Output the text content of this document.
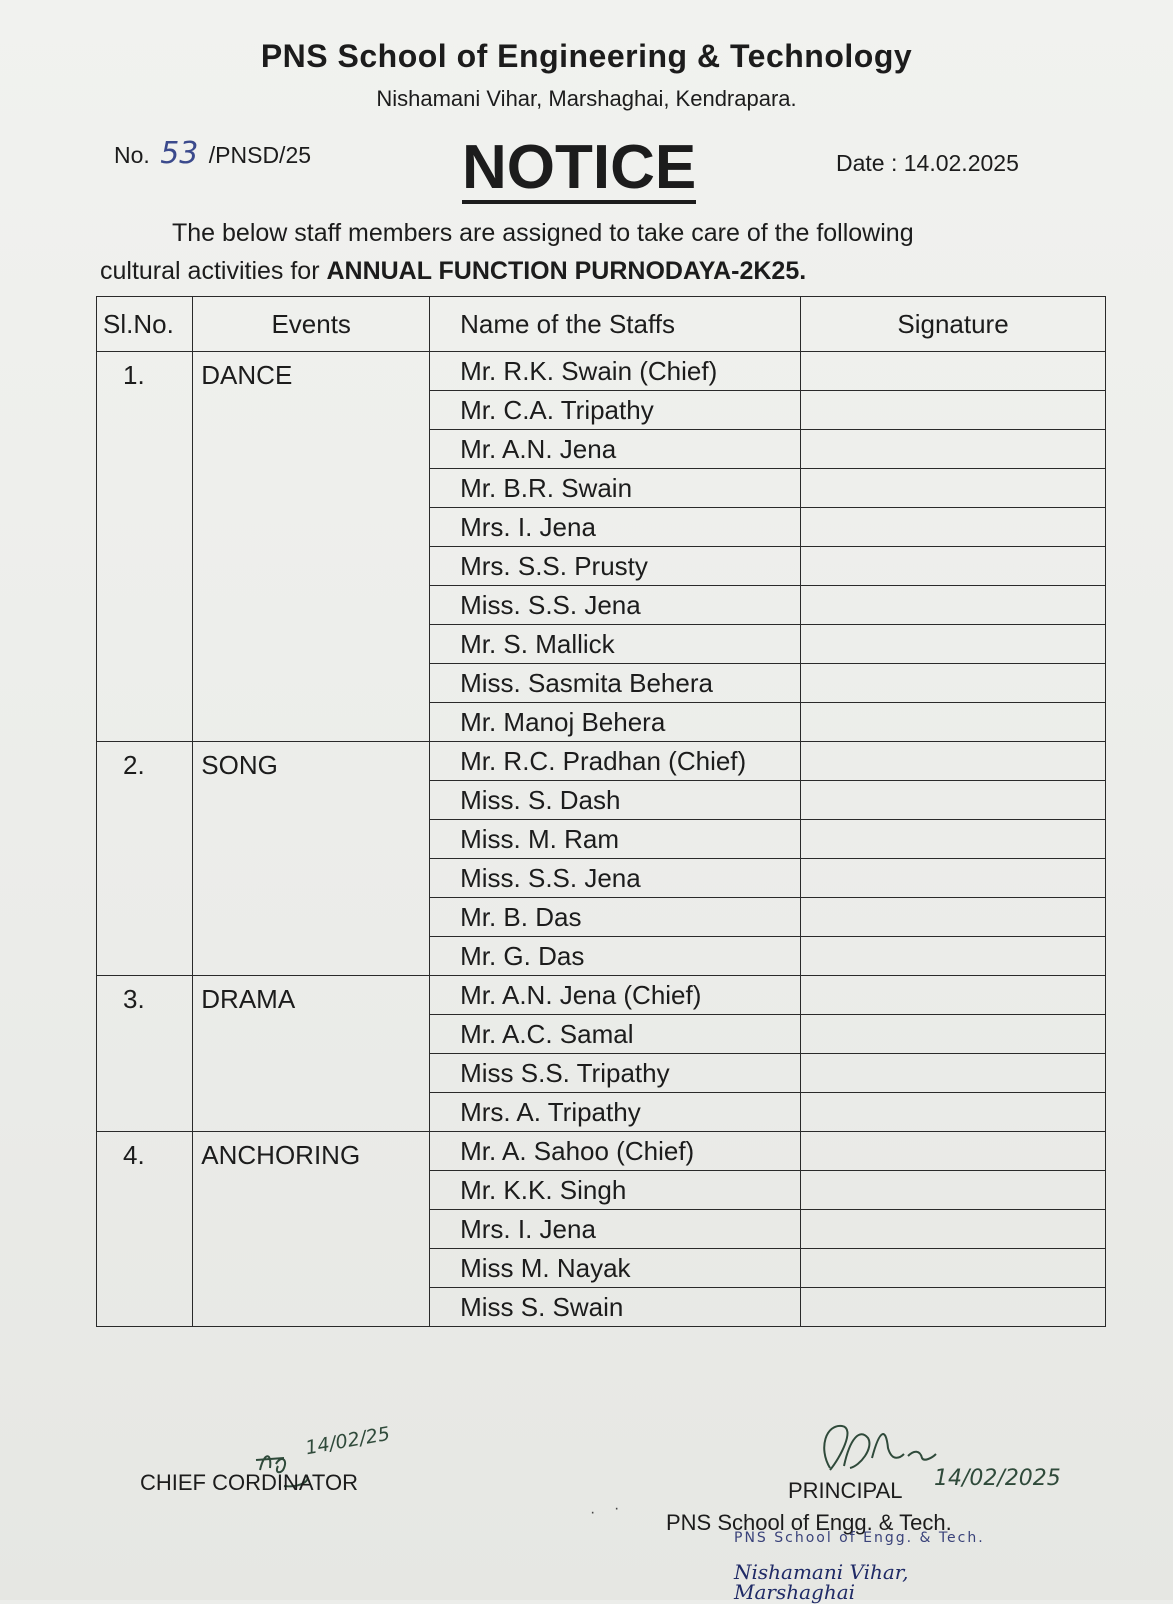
PNS School of Engineering & Technology
Nishamani Vihar, Marshaghai, Kendrapara.
No. 53 /PNSD/25 NOTICE	Date : 14.02.2025
The below staff members are assigned to take care of the following
cultural activities for ANNUAL FUNCTION PURNODAYA-2K25.
Sl.No.	Events	Name of the Staffs	Signature
1.	DANCE	Mr. R.K. Swain (Chief)	
		Mr. C.A. Tripathy	
		Mr. A.N. Jena	
		Mr. B.R. Swain	
		Mrs. I. Jena	
		Mrs. S.S. Prusty	
		Miss. S.S. Jena	
		Mr. S. Mallick	
		Miss. Sasmita Behera	
		Mr. Manoj Behera	
2.	SONG	Mr. R.C. Pradhan (Chief)	
		Miss. S. Dash	
		Miss. M. Ram	
		Miss. S.S. Jena	
		Mr. B. Das	
		Mr. G. Das	
3.	DRAMA	Mr. A.N. Jena (Chief)	
		Mr. A.C. Samal	
		Miss S.S. Tripathy	
		Mrs. A. Tripathy	
4.	ANCHORING	Mr. A. Sahoo (Chief)	
		Mr. K.K. Singh	
		Mrs. I. Jena	
		Miss M. Nayak	
		Miss S. Swain	
14/02/25
CHIEF CORDINATOR	14/02/2025
PRINCIPAL
PNS School of Engg. & Tech.
PNS School of Engg. & Tech.
Nishamani Vihar, Marshaghai
· ·
